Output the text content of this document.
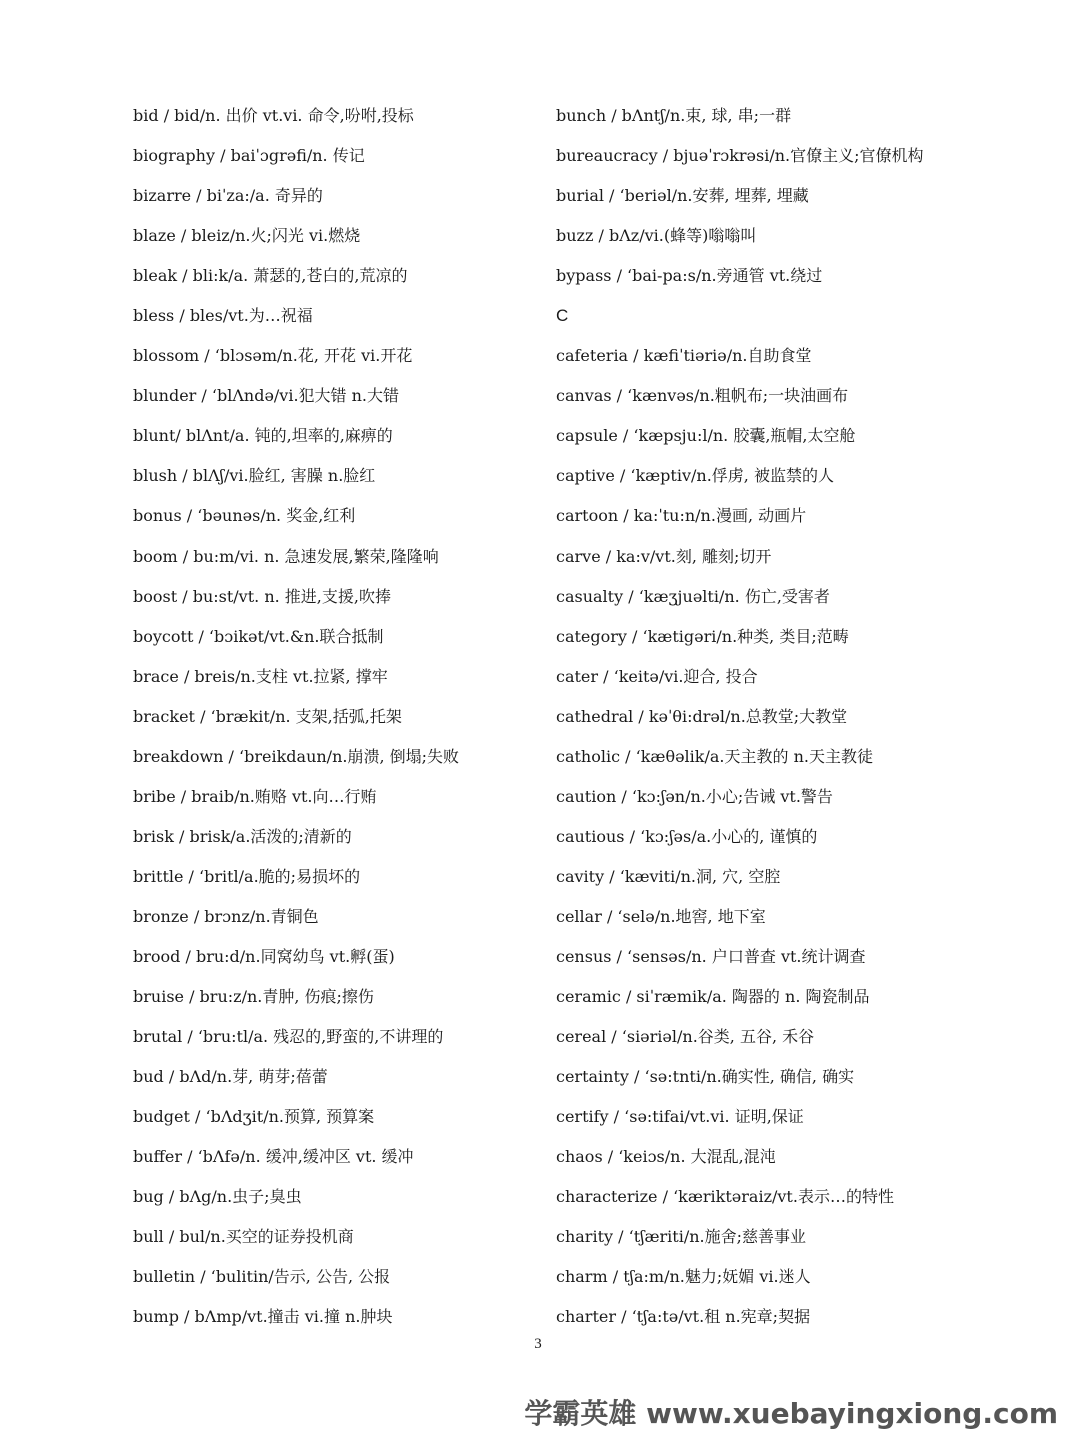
bid / bid/n. 出价 vt.vi. 命令,吩咐,投标
biography / baiˈɔgrəfi/n. 传记
bizarre / biˈza:/a. 奇异的
blaze / bleiz/n.火;闪光 vi.燃烧
bleak / bli:k/a. 萧瑟的,苍白的,荒凉的
bless / bles/vt.为…祝福
blossom / ‘blɔsəm/n.花, 开花 vi.开花
blunder / ‘blΛndə/vi.犯大错 n.大错
blunt/ blΛnt/a. 钝的,坦率的,麻痹的
blush / blΛʃ/vi.脸红, 害臊 n.脸红
bonus / ‘bəunəs/n. 奖金,红利
boom / bu:m/vi. n. 急速发展,繁荣,隆隆响
boost / bu:st/vt. n. 推进,支援,吹捧
boycott / ‘bɔikət/vt.&n.联合抵制
brace / breis/n.支柱 vt.拉紧, 撑牢
bracket / ‘brækit/n. 支架,括弧,托架
breakdown / ‘breikdaun/n.崩溃, 倒塌;失败
bribe / braib/n.贿赂 vt.向…行贿
brisk / brisk/a.活泼的;清新的
brittle / ‘britl/a.脆的;易损坏的
bronze / brɔnz/n.青铜色
brood / bru:d/n.同窝幼鸟 vt.孵(蛋)
bruise / bru:z/n.青肿, 伤痕;擦伤
brutal / ‘bru:tl/a. 残忍的,野蛮的,不讲理的
bud / bΛd/n.芽, 萌芽;蓓蕾
budget / ‘bΛdʒit/n.预算, 预算案
buffer / ‘bΛfə/n. 缓冲,缓冲区 vt. 缓冲
bug / bΛg/n.虫子;臭虫
bull / bul/n.买空的证券投机商
bulletin / ‘bulitin/告示, 公告, 公报
bump / bΛmp/vt.撞击 vi.撞 n.肿块
bunch / bΛntʃ/n.束, 球, 串;一群
bureaucracy / bjuəˈrɔkrəsi/n.官僚主义;官僚机构
burial / ‘beriəl/n.安葬, 埋葬, 埋藏
buzz / bΛz/vi.(蜂等)嗡嗡叫
bypass / ‘bai-pa:s/n.旁通管 vt.绕过
C
cafeteria / kæfiˈtiəriə/n.自助食堂
canvas / ‘kænvəs/n.粗帆布;一块油画布
capsule / ‘kæpsju:l/n. 胶囊,瓶帽,太空舱
captive / ‘kæptiv/n.俘虏, 被监禁的人
cartoon / ka:ˈtu:n/n.漫画, 动画片
carve / ka:v/vt.刻, 雕刻;切开
casualty / ‘kæʒjuəlti/n. 伤亡,受害者
category / ‘kætigəri/n.种类, 类目;范畴
cater / ‘keitə/vi.迎合, 投合
cathedral / kəˈθi:drəl/n.总教堂;大教堂
catholic / ‘kæθəlik/a.天主教的 n.天主教徒
caution / ‘kɔ:ʃən/n.小心;告诫 vt.警告
cautious / ‘kɔ:ʃəs/a.小心的, 谨慎的
cavity / ‘kæviti/n.洞, 穴, 空腔
cellar / ‘selə/n.地窖, 地下室
census / ‘sensəs/n. 户口普查 vt.统计调查
ceramic / siˈræmik/a. 陶器的 n. 陶瓷制品
cereal / ‘siəriəl/n.谷类, 五谷, 禾谷
certainty / ‘sə:tnti/n.确实性, 确信, 确实
certify / ‘sə:tifai/vt.vi. 证明,保证
chaos / ‘keiɔs/n. 大混乱,混沌
characterize / ‘kæriktəraiz/vt.表示…的特性
charity / ‘tʃæriti/n.施舍;慈善事业
charm / tʃa:m/n.魅力;妩媚 vi.迷人
charter / ‘tʃa:tə/vt.租 n.宪章;契据
3
学霸英雄 www.xuebayingxiong.com
